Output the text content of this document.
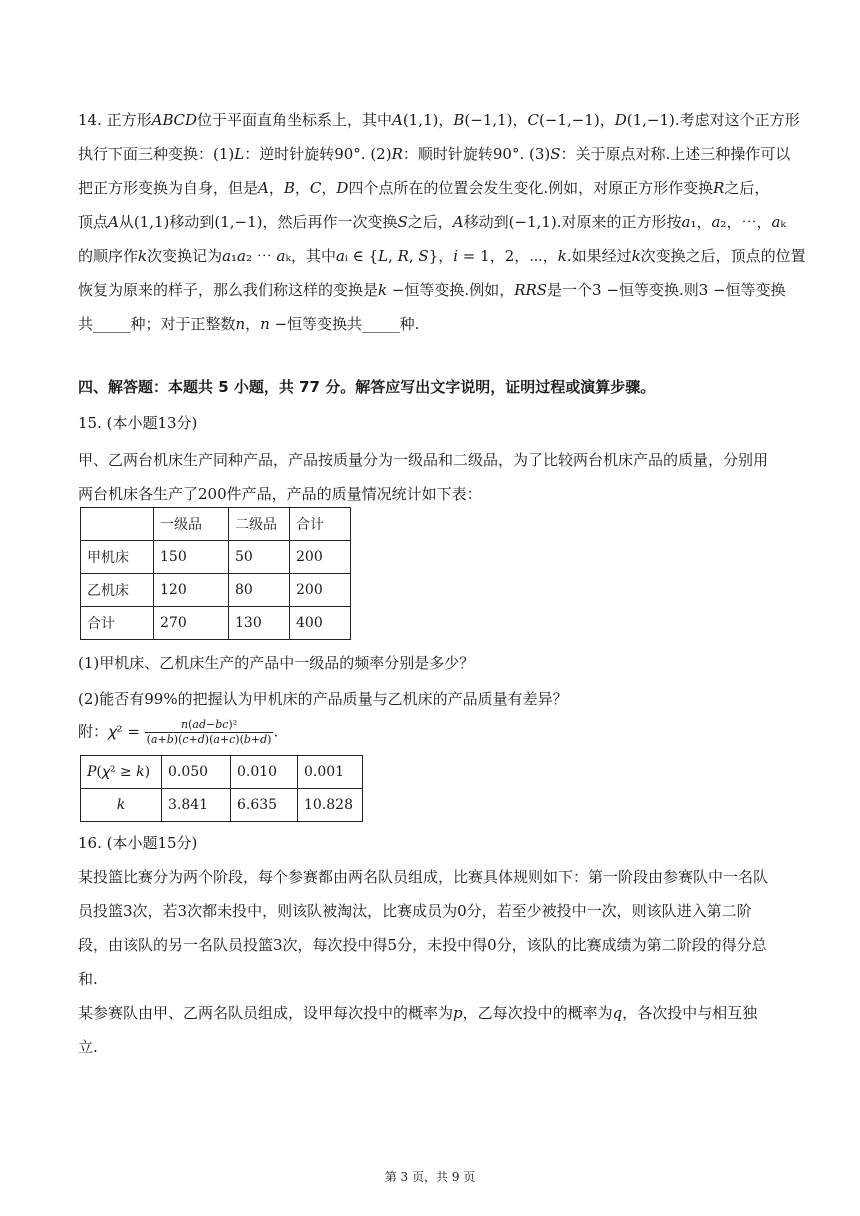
14. 正方形𝐴𝐵𝐶𝐷位于平面直角坐标系上，其中𝐴(1,1)，𝐵(−1,1)，𝐶(−1,−1)，𝐷(1,−1).考虑对这个正方形
执行下面三种变换：(1)𝐿：逆时针旋转90°. (2)𝑅：顺时针旋转90°. (3)𝑆：关于原点对称.上述三种操作可以
把正方形变换为自身，但是𝐴，𝐵，𝐶，𝐷四个点所在的位置会发生变化.例如，对原正方形作变换𝑅之后，
顶点𝐴从(1,1)移动到(1,−1)，然后再作一次变换𝑆之后，𝐴移动到(−1,1).对原来的正方形按𝑎₁，𝑎₂，⋯，𝑎ₖ
的顺序作𝑘次变换记为𝑎₁𝑎₂ ⋯ 𝑎ₖ，其中𝑎ᵢ ∈ {𝐿, 𝑅, 𝑆}，𝑖 = 1，2，⋯，𝑘.如果经过𝑘次变换之后，顶点的位置
恢复为原来的样子，那么我们称这样的变换是𝑘 −恒等变换.例如，𝑅𝑅𝑆是一个3 −恒等变换.则3 −恒等变换
共_____种；对于正整数𝑛，𝑛 −恒等变换共_____种.
四、解答题：本题共 5 小题，共 77 分。解答应写出文字说明，证明过程或演算步骤。
15. (本小题13分)
甲、乙两台机床生产同种产品，产品按质量分为一级品和二级品，为了比较两台机床产品的质量，分别用
两台机床各生产了200件产品，产品的质量情况统计如下表：
	一级品	二级品	合计
甲机床	150	50	200
乙机床	120	80	200
合计	270	130	400
(1)甲机床、乙机床生产的产品中一级品的频率分别是多少？
(2)能否有99%的把握认为甲机床的产品质量与乙机床的产品质量有差异？
附：𝜒² = $\frac{\text{𝑛(𝑎𝑑−𝑏𝑐)²}}{\text{(𝑎+𝑏)(𝑐+𝑑)(𝑎+𝑐)(𝑏+𝑑)}}$ .
𝑃(𝜒² ≥ 𝑘)	0.050	0.010	0.001
𝑘	3.841	6.635	10.828
16. (本小题15分)
某投篮比赛分为两个阶段，每个参赛都由两名队员组成，比赛具体规则如下：第一阶段由参赛队中一名队
员投篮3次，若3次都未投中，则该队被淘汰，比赛成员为0分，若至少被投中一次，则该队进入第二阶
段，由该队的另一名队员投篮3次，每次投中得5分，未投中得0分，该队的比赛成绩为第二阶段的得分总
和.
某参赛队由甲、乙两名队员组成，设甲每次投中的概率为𝑝，乙每次投中的概率为𝑞，各次投中与相互独
立.
第 3 页，共 9 页
